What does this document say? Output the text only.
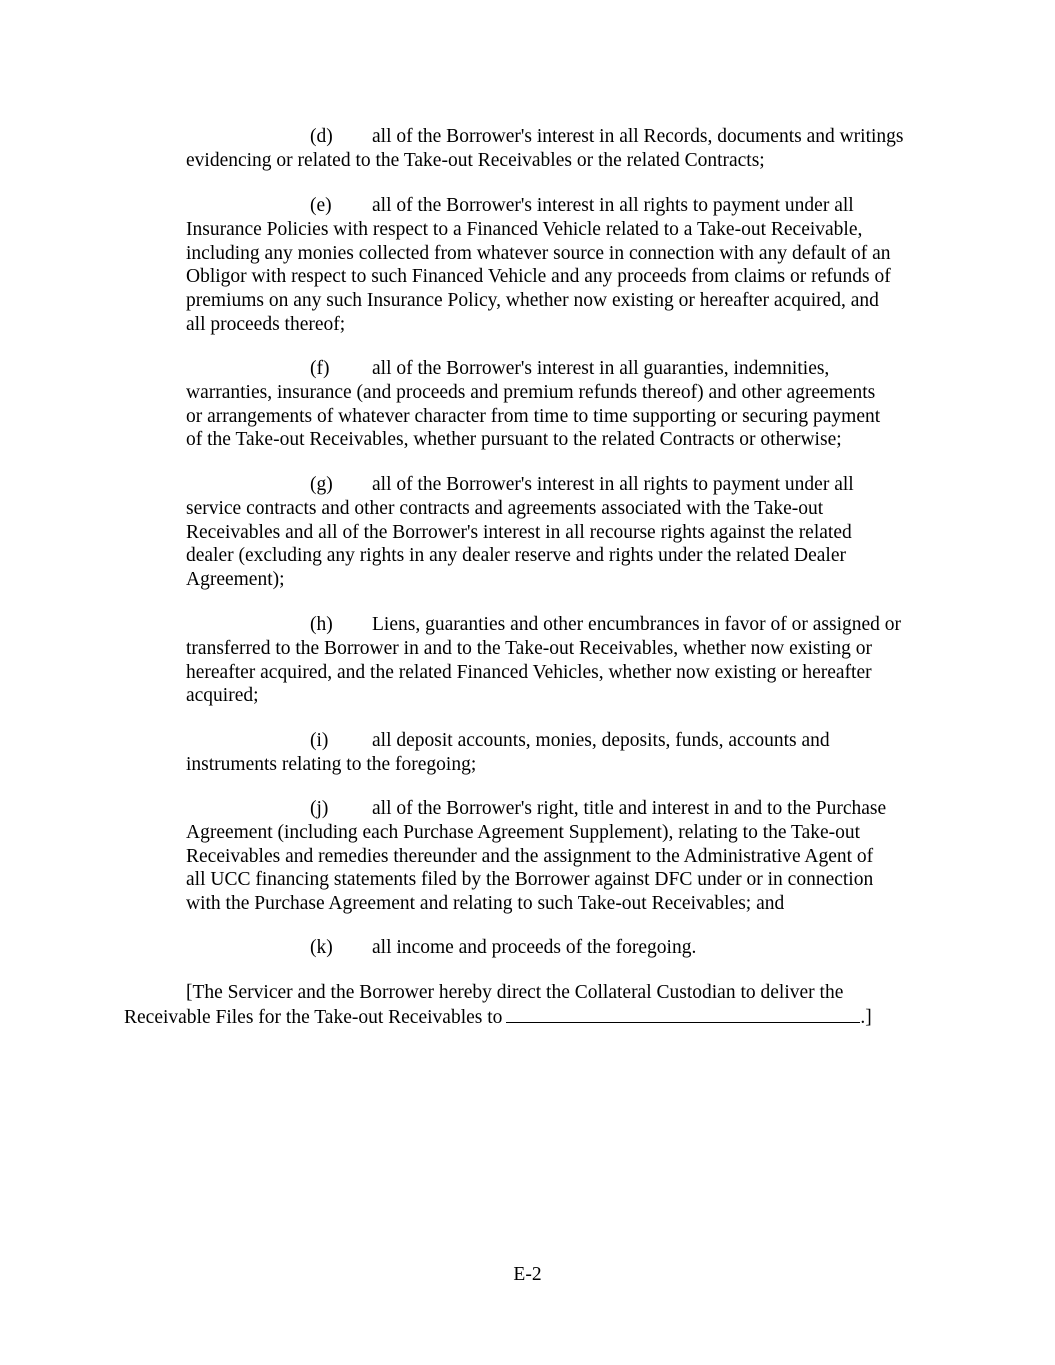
(d) all of the Borrower's interest in all Records, documents and writings
evidencing or related to the Take-out Receivables or the related Contracts;
(e) all of the Borrower's interest in all rights to payment under all
Insurance Policies with respect to a Financed Vehicle related to a Take-out Receivable,
including any monies collected from whatever source in connection with any default of an
Obligor with respect to such Financed Vehicle and any proceeds from claims or refunds of
premiums on any such Insurance Policy, whether now existing or hereafter acquired, and
all proceeds thereof;
(f) all of the Borrower's interest in all guaranties, indemnities,
warranties, insurance (and proceeds and premium refunds thereof) and other agreements
or arrangements of whatever character from time to time supporting or securing payment
of the Take-out Receivables, whether pursuant to the related Contracts or otherwise;
(g) all of the Borrower's interest in all rights to payment under all
service contracts and other contracts and agreements associated with the Take-out
Receivables and all of the Borrower's interest in all recourse rights against the related
dealer (excluding any rights in any dealer reserve and rights under the related Dealer
Agreement);
(h) Liens, guaranties and other encumbrances in favor of or assigned or
transferred to the Borrower in and to the Take-out Receivables, whether now existing or
hereafter acquired, and the related Financed Vehicles, whether now existing or hereafter
acquired;
(i) all deposit accounts, monies, deposits, funds, accounts and
instruments relating to the foregoing;
(j) all of the Borrower's right, title and interest in and to the Purchase
Agreement (including each Purchase Agreement Supplement), relating to the Take-out
Receivables and remedies thereunder and the assignment to the Administrative Agent of
all UCC financing statements filed by the Borrower against DFC under or in connection
with the Purchase Agreement and relating to such Take-out Receivables; and
(k) all income and proceeds of the foregoing.
[The Servicer and the Borrower hereby direct the Collateral Custodian to deliver the
Receivable Files for the Take-out Receivables to	.]
E-2
